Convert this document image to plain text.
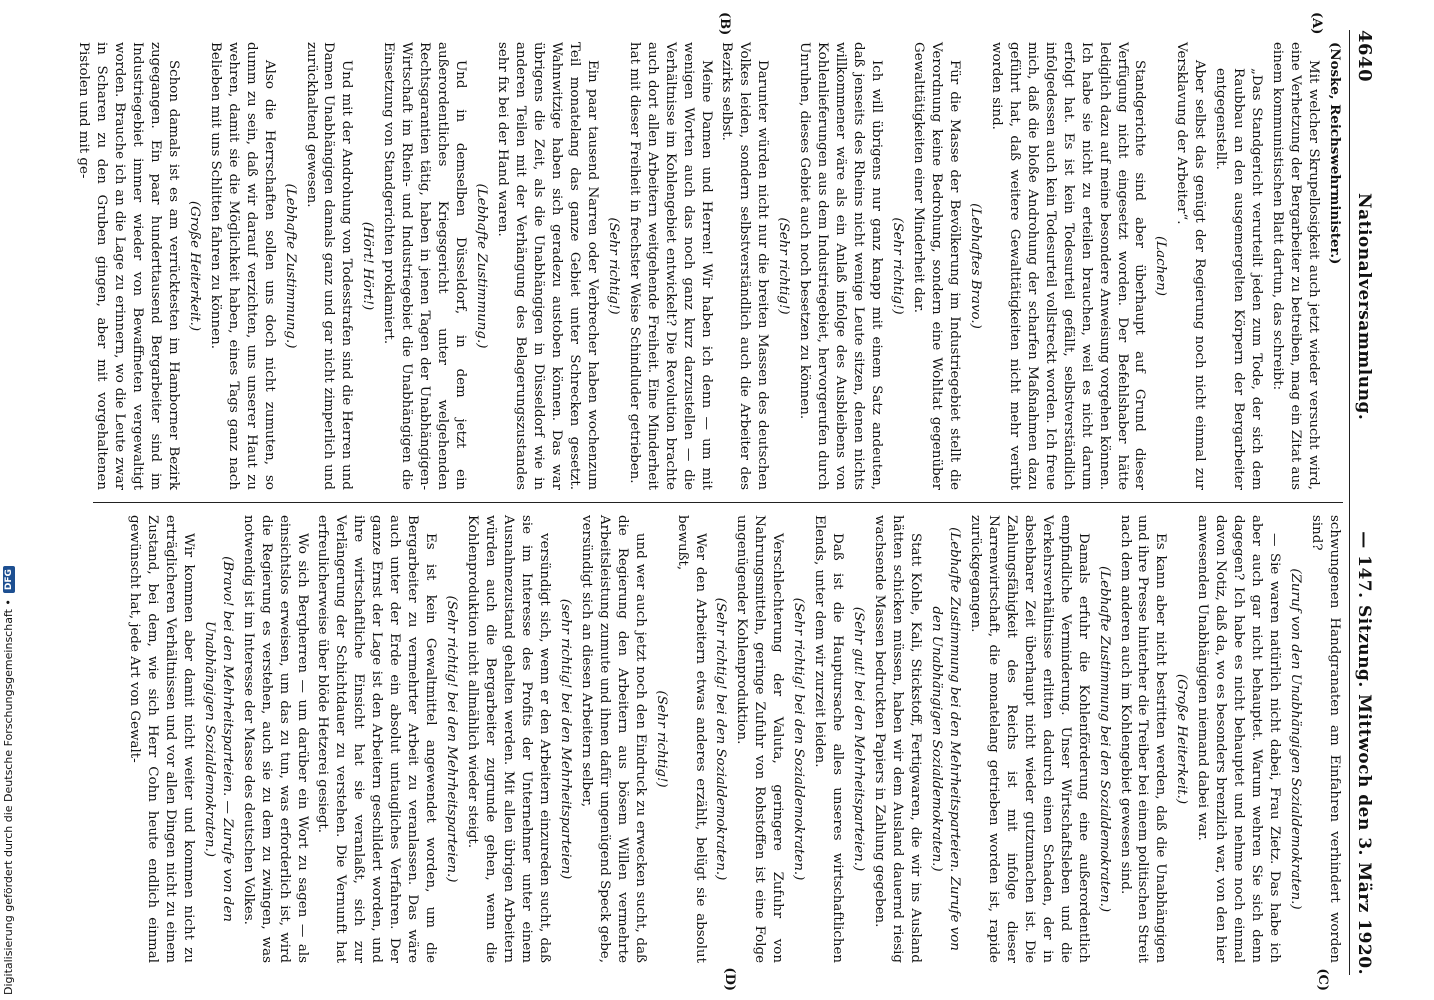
4640
Nationalversammlung.
— 147. Sitzung. Mittwoch den 3. März 1920.
(A)
(B)

(Noske, Reichswehrminister.)

Mit welcher Skrupellosigkeit auch jetzt wieder versucht wird, eine Verhetzung der Bergarbeiter zu betreiben, mag ein Zitat aus einem kommunistischen Blatt dartun, das schreibt:

„Das Standgericht verurteilt jeden zum Tode, der sich dem Raubbau an den ausgemergelten Körpern der Bergarbeiter entgegenstellt.

Aber selbst das genügt der Regierung noch nicht einmal zur Versklavung der Arbeiter“.

(Lachen)

Standgerichte sind aber überhaupt auf Grund dieser Verfügung nicht eingesetzt worden. Der Befehlshaber hätte lediglich dazu auf meine besondere Anweisung vorgehen können. Ich habe sie nicht zu erteilen brauchen, weil es nicht darum erfolgt hat. Es ist kein Todesurteil gefällt, selbstverständlich infolgedessen auch kein Todesurteil vollstreckt worden. Ich freue mich, daß die bloße Androhung der scharfen Maßnahmen dazu geführt hat, daß weitere Gewalttätigkeiten nicht mehr verübt worden sind.

(Lebhaftes Bravo.)

Für die Masse der Bevölkerung im Industriegebiet stellt die Verordnung keine Bedrohung, sondern eine Wohltat gegenüber Gewalttätigkeiten einer Minderheit dar.

(Sehr richtig!)

Ich will übrigens nur ganz knapp mit einem Satz andeuten, daß jenseits des Rheins nicht wenige Leute sitzen, denen nichts willkommener wäre als ein Anlaß infolge des Ausbleibens von Kohlenlieferungen aus dem Industriegebiet, hervorgerufen durch Unruhen, dieses Gebiet auch noch besetzen zu können.

(Sehr richtig!)

Darunter würden nicht nur die breiten Massen des deutschen Volkes leiden, sondern selbstverständlich auch die Arbeiter des Bezirks selbst.

Meine Damen und Herren! Wir haben ich denn — um mit wenigen Worten auch das noch ganz kurz darzustellen — die Verhältnisse im Kohlengebiet entwickelt? Die Revolution brachte auch dort allen Arbeitern weitgehende Freiheit. Eine Minderheit hat mit dieser Freiheit in frechster Weise Schindluder getrieben.

(Sehr richtig!)

Ein paar tausend Narren oder Verbrecher haben wochenzum Teil monatelang das ganze Gebiet unter Schrecken gesetzt. Wahnwitzige haben sich geradezu austoben können. Das war übrigens die Zeit, als die Unabhängigen in Düsseldorf wie in anderen Teilen mit der Verhängung des Belagerungszustandes sehr fix bei der Hand waren.

(Lebhafte Zustimmung.)

Und in demselben Düsseldorf, in dem jetzt ein außerordentliches Kriegsgericht unter welgehenden Rechtsgarantien tätig, haben in jenen Tagen der Unabhängigen-Wirtschaft im Rhein- und Industriegebiet die Unabhängigen die Einsetzung von Standgerichten proklamiert.

(Hört! Hört!)

Und mit der Androhung von Todesstrafen sind die Herren und Damen Unabhängigen damals ganz und gar nicht zimperlich und zurückhaltend gewesen.

(Lebhafte Zustimmung.)

Also die Herrschaften sollen uns doch nicht zumuten, so dumm zu sein, daß wir darauf verzichten, uns unserer Haut zu wehren, damit sie die Möglichkeit haben, eines Tags ganz nach Belieben mit uns Schlitten fahren zu können.

(Große Heiterkeit.)

Schon damals ist es am verrücktesten im Hamborner Bezirk zugegangen. Ein paar hunderttausend Bergarbeiter sind im Industriegebiet immer wieder von Bewaffneten vergewaltigt worden. Brauche ich an die Lage zu erinnern, wo die Leute zwar in Scharen zu den Gruben gingen, aber mit vorgehaltenen Pistolen und mit ge-

(C)
(D)

schwungenen Handgranaten am Einfahren verhindert worden sind?

(Zuruf von den Unabhängigen Sozialdemokraten.)

— Sie waren natürlich nicht dabei, Frau Zietz. Das habe ich aber auch gar nicht behauptet. Warum wehren Sie sich denn dagegen? Ich habe es nicht behauptet und nehme noch einmal davon Notiz, daß da, wo es besonders brenzlich war, von den hier anwesenden Unabhängigen niemand dabei war.

(Große Heiterkeit.)

Es kann aber nicht bestritten werden, daß die Unabhängigen und ihre Presse hinterher die Treiber bei einem politischen Streit nach dem anderen auch im Kohlengebiet gewesen sind.

(Lebhafte Zustimmung bei den Sozialdemokraten.)

Damals erfuhr die Kohlenförderung eine außerordentlich empfindliche Verminderung. Unser Wirtschaftsleben und die Verkehrsverhältnisse erlitten dadurch einen Schaden, der in absehbarer Zeit überhaupt nicht wieder gutzumachen ist. Die Zahlungsfähigkeit des Reichs ist mit infolge dieser Narrenwirtschaft, die monatelang getrieben worden ist, rapide zurückgegangen.

(Lebhafte Zustimmung bei den Mehrheitsparteien. Zurufe von den Unabhängigen Sozialdemokraten.)

Statt Kohle, Kali, Stickstoff, Fertigwaren, die wir ins Ausland hätten schicken müssen, haben wir dem Ausland dauernd riesig wachsende Massen bedruckten Papiers in Zahlung gegeben.

(Sehr gut! bei den Mehrheitsparteien.)

Daß ist die Hauptursache alles unseres wirtschaftlichen Elends, unter dem wir zurzeit leiden.

(Sehr richtig! bei den Sozialdemokraten.)

Verschlechterung der Valuta, geringere Zufuhr von Nahrungsmitteln, geringe Zufuhr von Rohstoffen ist eine Folge ungenügender Kohlenproduktion.

(Sehr richtig! bei den Sozialdemokraten.)

Wer den Arbeitern etwas anderes erzählt, belügt sie absolut bewußt,

(Sehr richtig!)

und wer auch jetzt noch den Eindruck zu erwecken sucht, daß die Regierung den Arbeitern aus bösem Willen vermehrte Arbeitsleistung zumute und ihnen dafür ungenügend Speck gebe, versündigt sich an diesen Arbeitern selber,

(sehr richtig! bei den Mehrheitsparteien)

versündigt sich, wenn er den Arbeitern einzureden sucht, daß sie im Interesse des Profits der Unternehmer unter einem Ausnahmezustand gehalten werden. Mit allen übrigen Arbeitern würden auch die Bergarbeiter zugrunde gehen, wenn die Kohlenproduktion nicht allmählich wieder steigt.

(Sehr richtig! bei den Mehrheitsparteien.)

Es ist kein Gewaltmittel angewendet worden, um die Bergarbeiter zu vermehrter Arbeit zu veranlassen. Das wäre auch unter der Erde ein absolut untaugliches Verfahren. Der ganze Ernst der Lage ist den Arbeitern geschildert worden, und ihre wirtschaftliche Einsicht hat sie veranlaßt, sich zur Verlängerung der Schichtdauer zu verstehen. Die Vernunft hat erfreulicherweise über blöde Hetzerei gesiegt.

Wo sich Bergherren — um darüber ein Wort zu sagen — als einsichtslos erweisen, um das zu tun, was erforderlich ist, wird die Regierung es verstehen, auch sie zu dem zu zwingen, was notwendig ist im Interesse der Masse des deutschen Volkes.

(Bravo! bei den Mehrheitsparteien. — Zurufe von den Unabhängigen Sozialdemokraten.)

Wir kommen aber damit nicht weiter und kommen nicht zu erträglicheren Verhältnissen und vor allen Dingen nicht zu einem Zustand, bei dem, wie sich Herr Cohn heute endlich einmal gewünscht hat, jede Art von Gewalt-

Digitalisierung gefördert durch die Deutsche Forschungsgemeinschaft •
DFG
